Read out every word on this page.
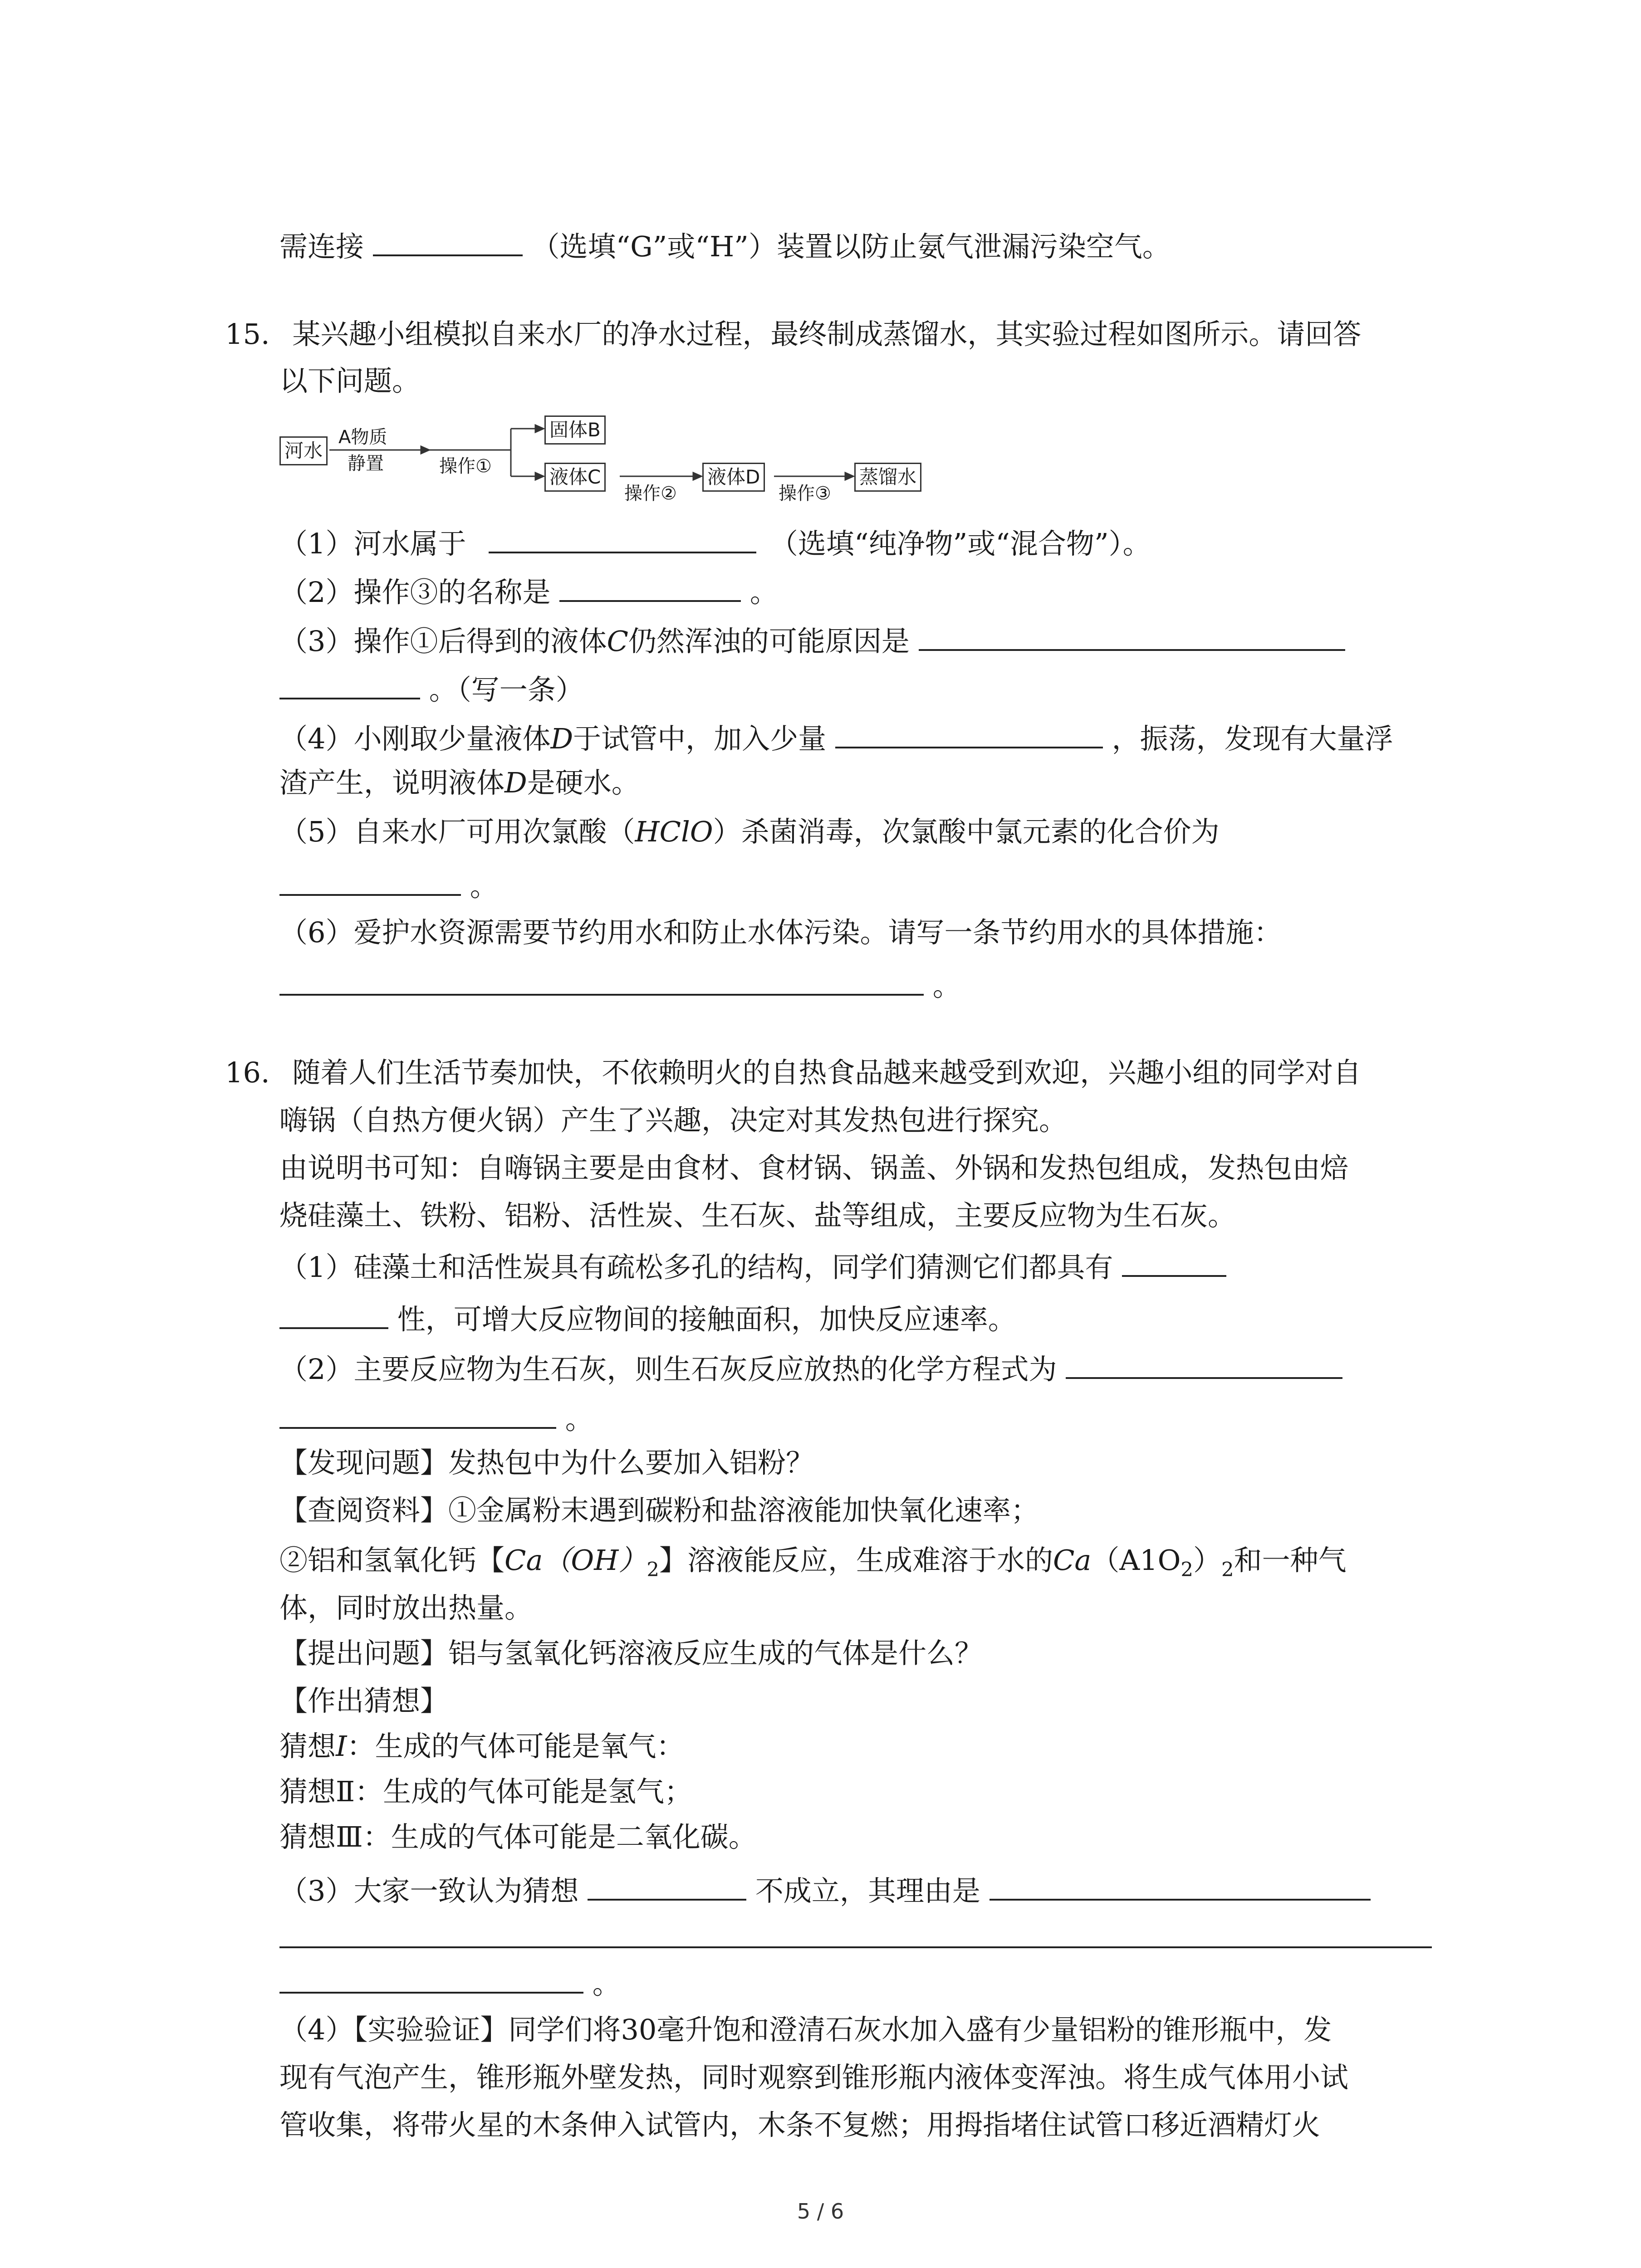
需连接	（选填“G”或“H”）装置以防止氨气泄漏污染空气。
15. 某兴趣小组模拟自来水厂的净水过程，最终制成蒸馏水，其实验过程如图所示。请回答
以下问题。
河水
A物质
静置	操作①
固体B
液体C
操作②
液体D
操作③
蒸馏水
（1）河水属于	（选填“纯净物”或“混合物”）。
（2）操作③的名称是	。
（3）操作①后得到的液体C仍然浑浊的可能原因是
。（写一条）
（4）小刚取少量液体D于试管中，加入少量	，振荡，发现有大量浮
渣产生，说明液体D是硬水。
（5）自来水厂可用次氯酸（HClO）杀菌消毒，次氯酸中氯元素的化合价为
。
（6）爱护水资源需要节约用水和防止水体污染。请写一条节约用水的具体措施：
。
16. 随着人们生活节奏加快，不依赖明火的自热食品越来越受到欢迎，兴趣小组的同学对自
嗨锅（自热方便火锅）产生了兴趣，决定对其发热包进行探究。
由说明书可知：自嗨锅主要是由食材、食材锅、锅盖、外锅和发热包组成，发热包由焙
烧硅藻土、铁粉、铝粉、活性炭、生石灰、盐等组成，主要反应物为生石灰。
（1）硅藻土和活性炭具有疏松多孔的结构，同学们猜测它们都具有
性，可增大反应物间的接触面积，加快反应速率。
（2）主要反应物为生石灰，则生石灰反应放热的化学方程式为
。
【发现问题】发热包中为什么要加入铝粉？
【查阅资料】①金属粉末遇到碳粉和盐溶液能加快氧化速率；
②铝和氢氧化钙【$Ca(OH)_2$】溶液能反应，生成难溶于水的$Ca(A1O_2)_2$和一种气
体，同时放出热量。
【提出问题】铝与氢氧化钙溶液反应生成的气体是什么？
【作出猜想】
猜想I：生成的气体可能是氧气：
猜想Ⅱ：生成的气体可能是氢气；
猜想Ⅲ：生成的气体可能是二氧化碳。
（3）大家一致认为猜想	不成立，其理由是
。
（4）【实验验证】同学们将30毫升饱和澄清石灰水加入盛有少量铝粉的锥形瓶中，发
现有气泡产生，锥形瓶外壁发热，同时观察到锥形瓶内液体变浑浊。将生成气体用小试
管收集，将带火星的木条伸入试管内，木条不复燃；用拇指堵住试管口移近酒精灯火
5 / 6
